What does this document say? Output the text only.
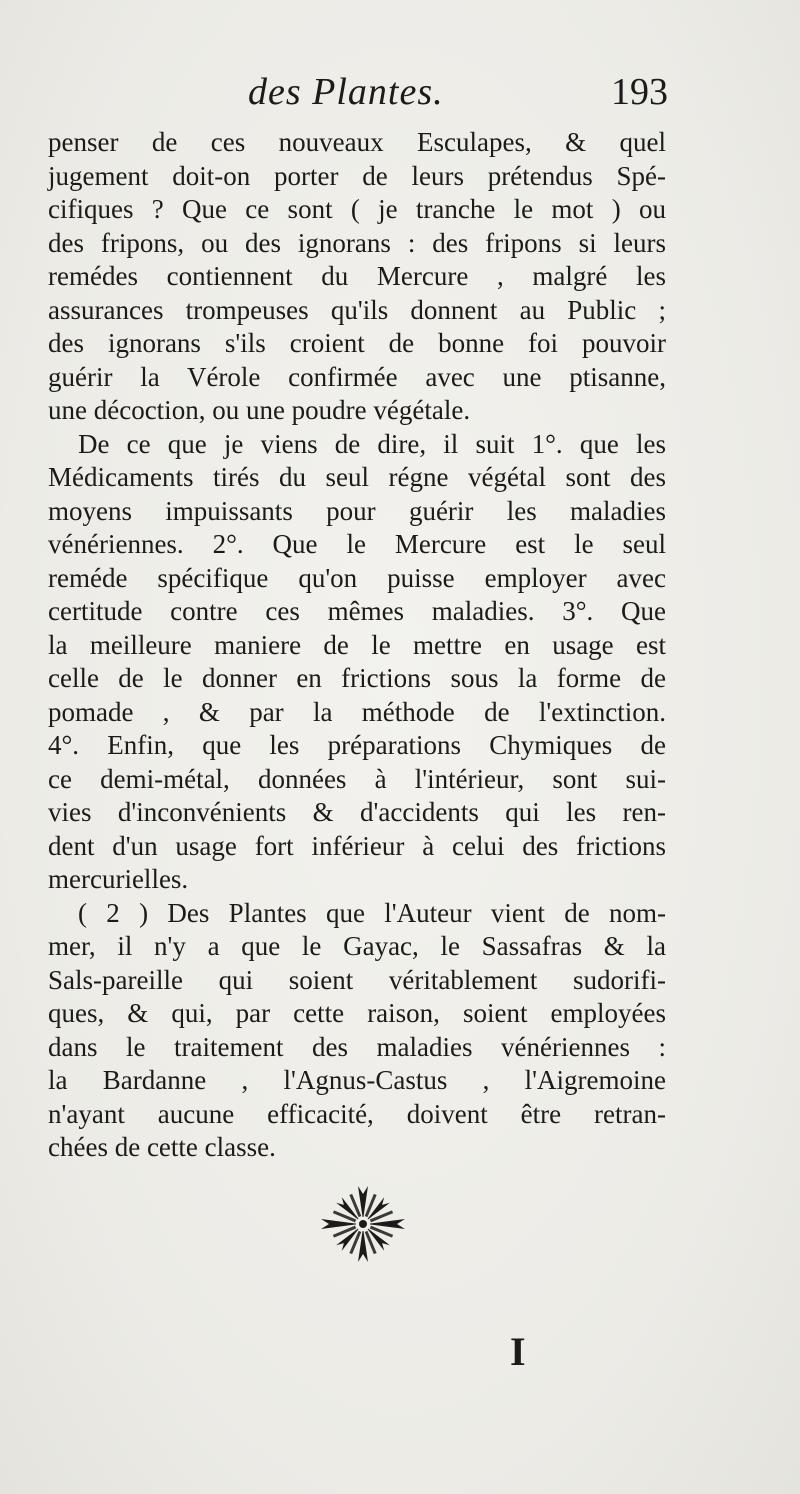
des Plantes.	193
penser de ces nouveaux Esculapes, & quel
jugement doit-on porter de leurs prétendus Spé-
cifiques ? Que ce sont ( je tranche le mot ) ou
des fripons, ou des ignorans : des fripons si leurs
remédes contiennent du Mercure , malgré les
assurances trompeuses qu'ils donnent au Public ;
des ignorans s'ils croient de bonne foi pouvoir
guérir la Vérole confirmée avec une ptisanne,
une décoction, ou une poudre végétale.
De ce que je viens de dire, il suit 1°. que les
Médicaments tirés du seul régne végétal sont des
moyens impuissants pour guérir les maladies
vénériennes. 2°. Que le Mercure est le seul
reméde spécifique qu'on puisse employer avec
certitude contre ces mêmes maladies. 3°. Que
la meilleure maniere de le mettre en usage est
celle de le donner en frictions sous la forme de
pomade , & par la méthode de l'extinction.
4°. Enfin, que les préparations Chymiques de
ce demi-métal, données à l'intérieur, sont sui-
vies d'inconvénients & d'accidents qui les ren-
dent d'un usage fort inférieur à celui des frictions
mercurielles.
( 2 ) Des Plantes que l'Auteur vient de nom-
mer, il n'y a que le Gayac, le Sassafras & la
Sals-pareille qui soient véritablement sudorifi-
ques, & qui, par cette raison, soient employées
dans le traitement des maladies vénériennes :
la Bardanne , l'Agnus-Castus , l'Aigremoine
n'ayant aucune efficacité, doivent être retran-
chées de cette classe.
I
